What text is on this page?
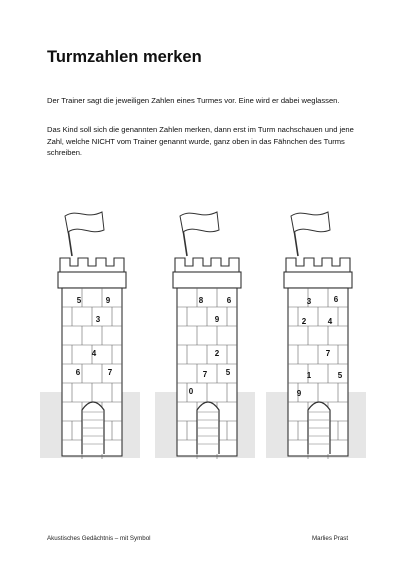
Turmzahlen merken

Der Trainer sagt die jeweiligen Zahlen eines Turmes vor. Eine wird er dabei weglassen.

Das Kind soll sich die genannten Zahlen merken, dann erst im Turm nachschauen und jene Zahl, welche NICHT vom Trainer genannt wurde, ganz oben in das Fähnchen des Turms schreiben.

5	9
3
4
6	7
8	6
9
2
7	5
0
3	6
2	4
7
1	5
9
Akustisches Gedächtnis – mit Symbol	Marlies Prast
